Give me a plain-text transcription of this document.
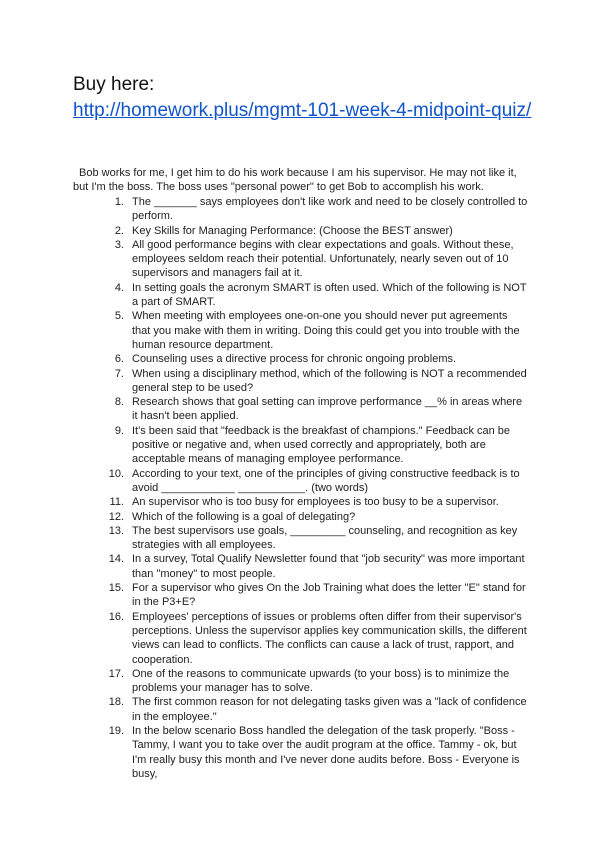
Buy here:
http://homework.plus/mgmt-101-week-4-midpoint-quiz/

Bob works for me, I get him to do his work because I am his supervisor. He may not like it, but I'm the boss. The boss uses "personal power" to get Bob to accomplish his work.

1. The _______ says employees don't like work and need to be closely controlled to perform.
2. Key Skills for Managing Performance: (Choose the BEST answer)
3. All good performance begins with clear expectations and goals. Without these, employees seldom reach their potential. Unfortunately, nearly seven out of 10 supervisors and managers fail at it.
4. In setting goals the acronym SMART is often used. Which of the following is NOT a part of SMART.
5. When meeting with employees one-on-one you should never put agreements that you make with them in writing. Doing this could get you into trouble with the human resource department.
6. Counseling uses a directive process for chronic ongoing problems.
7. When using a disciplinary method, which of the following is NOT a recommended general step to be used?
8. Research shows that goal setting can improve performance __% in areas where it hasn't been applied.
9. It's been said that "feedback is the breakfast of champions." Feedback can be positive or negative and, when used correctly and appropriately, both are acceptable means of managing employee performance.
10. According to your text, one of the principles of giving constructive feedback is to avoid ____________ ___________. (two words)
11. An supervisor who is too busy for employees is too busy to be a supervisor.
12. Which of the following is a goal of delegating?
13. The best supervisors use goals, _________ counseling, and recognition as key strategies with all employees.
14. In a survey, Total Qualify Newsletter found that "job security" was more important than "money" to most people.
15. For a supervisor who gives On the Job Training what does the letter "E" stand for in the P3+E?
16. Employees' perceptions of issues or problems often differ from their supervisor's perceptions. Unless the supervisor applies key communication skills, the different views can lead to conflicts. The conflicts can cause a lack of trust, rapport, and cooperation.
17. One of the reasons to communicate upwards (to your boss) is to minimize the problems your manager has to solve.
18. The first common reason for not delegating tasks given was a "lack of confidence in the employee."
19. In the below scenario Boss handled the delegation of the task properly. "Boss - Tammy, I want you to take over the audit program at the office. Tammy - ok, but I'm really busy this month and I've never done audits before. Boss - Everyone is busy,
